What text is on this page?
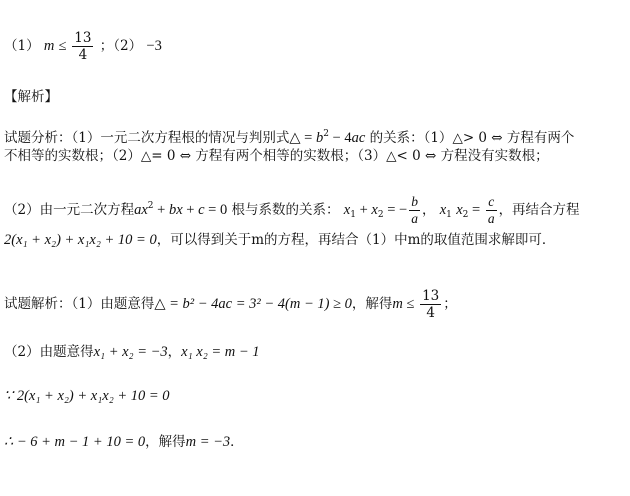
（1） $m \le \frac{13}{4}$ ；（2） −3
【解析】
试题分析：（1）一元二次方程根的情况与判别式△ = $b^2 - 4ac$ 的关系：（1）△> 0 ⇔ 方程有两个
不相等的实数根；（2）△= 0 ⇔ 方程有两个相等的实数根；（3）△< 0 ⇔ 方程没有实数根；
（2）由一元二次方程$ax^2$ + bx + c = 0 根与系数的关系： $x_1 + x_2$ = − $\frac{b}{a}$ ， $x_1$ $x_2 = \frac{c}{a}$ ，再结合方程
2(x₁ + x₂) + x₁x₂ + 10 = 0，可以得到关于m的方程，再结合（1）中m的取值范围求解即可．
试题解析：（1）由题意得△ = b² − 4ac = 3² − 4(m − 1) ≥ 0，解得$m \le \frac{13}{4}$ ；
（2）由题意得x₁ + x₂ = −3，x₁ x₂ = m − 1
∵ 2(x₁ + x₂) + x₁x₂ + 10 = 0
∴ − 6 + m − 1 + 10 = 0，解得m = −3．
